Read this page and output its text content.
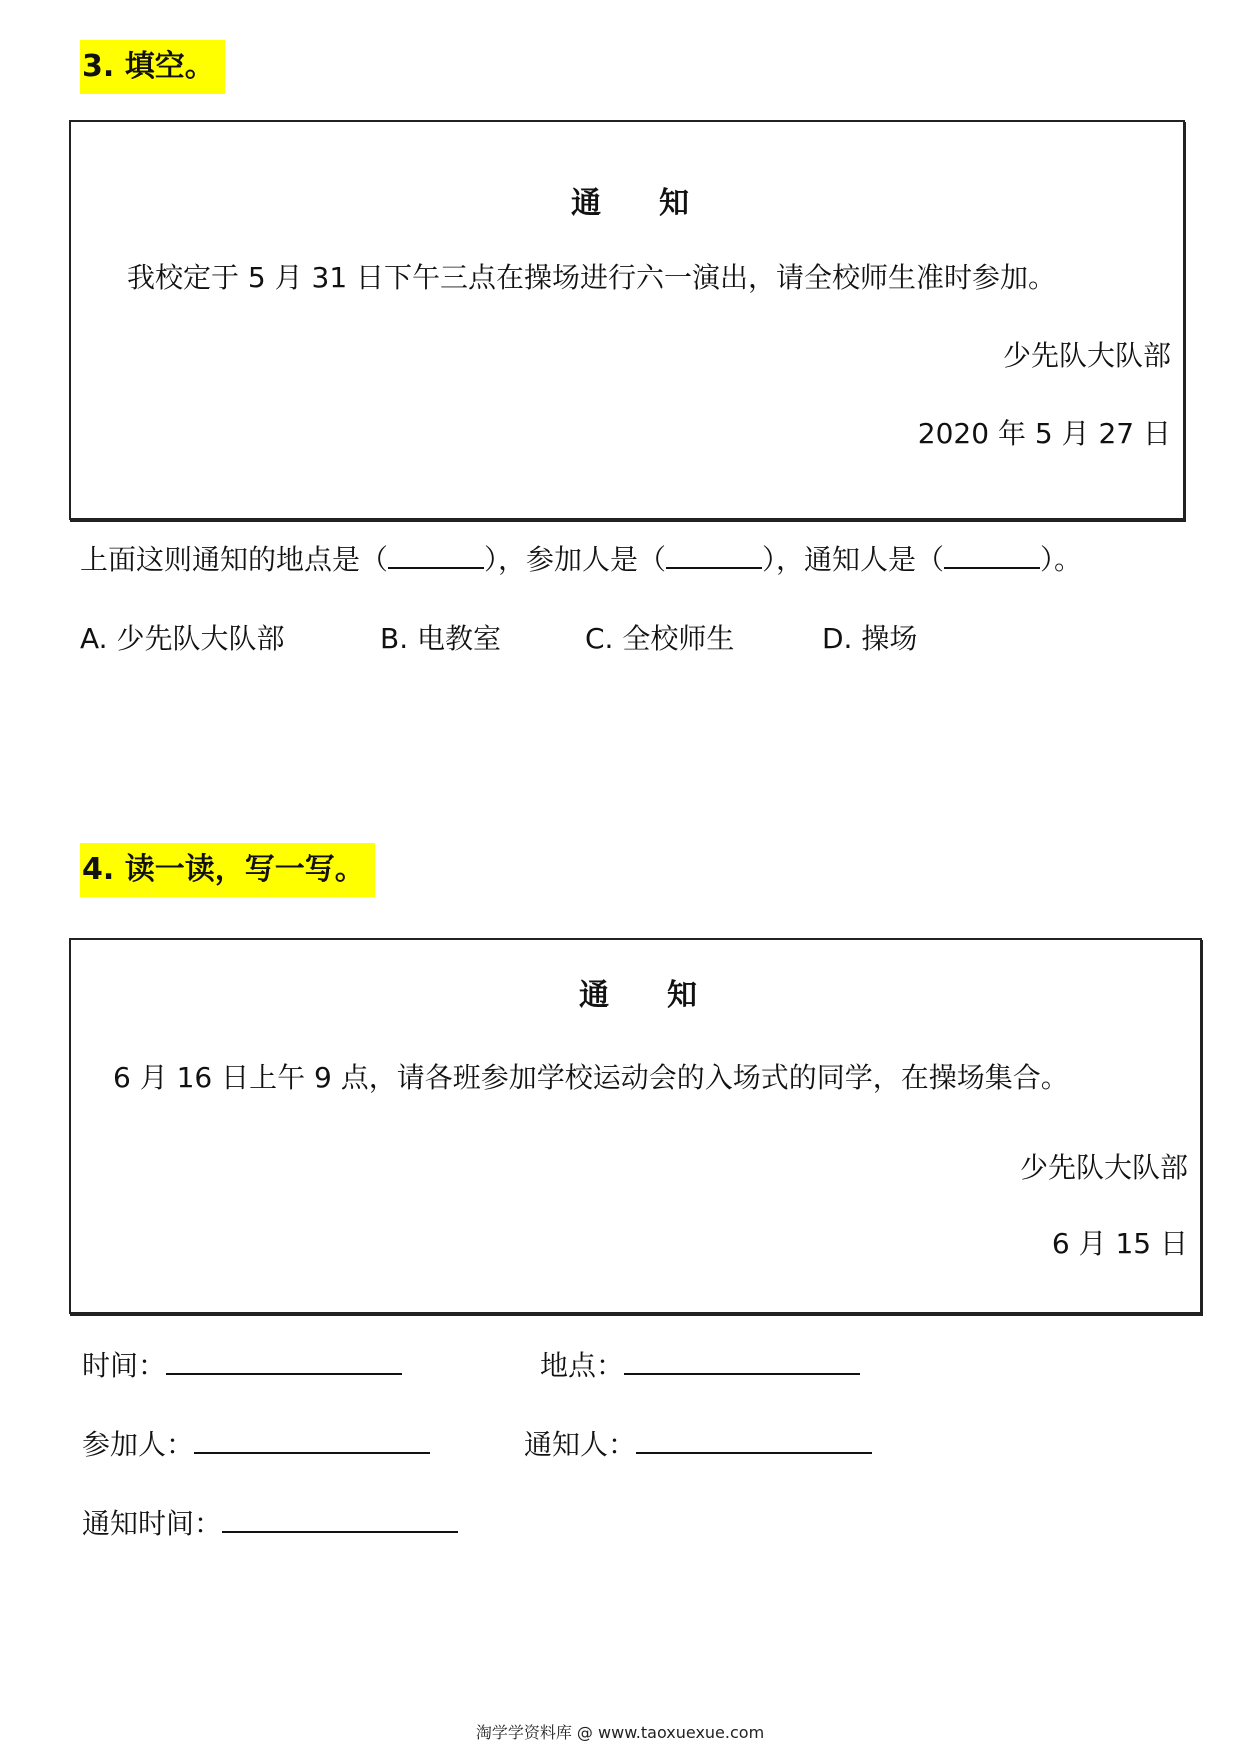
3. 填空。
通 知
我校定于 5 月 31 日下午三点在操场进行六一演出，请全校师生准时参加。
少先队大队部
2020 年 5 月 27 日
上面这则通知的地点是（	），参加人是（	），通知人是（	）。
A. 少先队大队部	B. 电教室	C. 全校师生	D. 操场
4. 读一读，写一写。
通 知
6 月 16 日上午 9 点，请各班参加学校运动会的入场式的同学，在操场集合。
少先队大队部
6 月 15 日
时间：	地点：
参加人：	通知人：
通知时间：
淘学学资料库 @ www.taoxuexue.com
